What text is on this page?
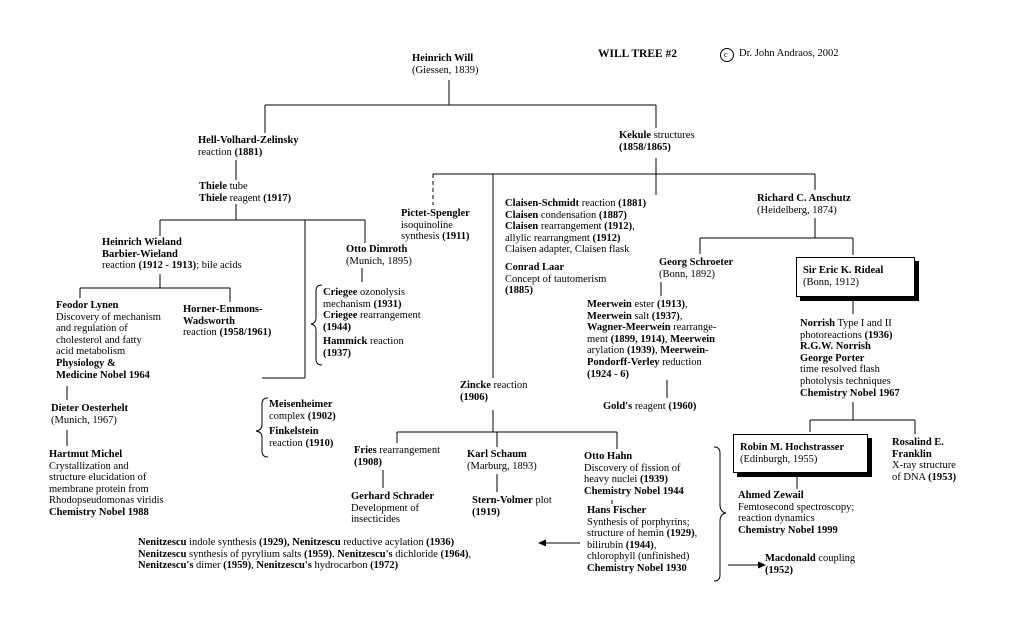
WILL TREE #2	c Dr. John Andraos, 2002
Heinrich Will
(Giessen, 1839)
Hell-Volhard-Zelinsky
reaction (1881)
Thiele tube
Thiele reagent (1917)
Kekule structures
(1858/1865)
Heinrich Wieland
Barbier-Wieland
reaction (1912 - 1913); bile acids
Feodor Lynen
Discovery of mechanism
and regulation of
cholesterol and fatty
acid metabolism
Physiology &
Medicine Nobel 1964
Dieter Oesterhelt
(Munich, 1967)
Hartmut Michel
Crystallization and
structure elucidation of
membrane protein from
Rhodopseudomonas viridis
Chemistry Nobel 1988
Horner-Emmons-
Wadsworth
reaction (1958/1961)
Pictet-Spengler
isoquinoline
synthesis (1911)
Otto Dimroth
(Munich, 1895)
Criegee ozonolysis
mechanism (1931)
Criegee rearrangement
(1944)
Hammick reaction
(1937)
Meisenheimer
complex (1902)
Finkelstein
reaction (1910)
Claisen-Schmidt reaction (1881)
Claisen condensation (1887)
Claisen rearrangement (1912),
allylic rearrangment (1912)
Claisen adapter, Claisen flask
Conrad Laar
Concept of tautomerism
(1885)
Georg Schroeter
(Bonn, 1892)
Meerwein ester (1913),
Meerwein salt (1937),
Wagner-Meerwein rearrange-
ment (1899, 1914), Meerwein
arylation (1939), Meerwein-
Pondorff-Verley reduction
(1924 - 6)
Gold's reagent (1960)
Richard C. Anschutz
(Heidelberg, 1874)
Sir Eric K. Rideal
(Bonn, 1912)
Norrish Type I and II
photoreactions (1936)
R.G.W. Norrish
George Porter
time resolved flash
photolysis techniques
Chemistry Nobel 1967
Robin M. Hochstrasser
(Edinburgh, 1955)
Rosalind E.
Franklin
X-ray structure
of DNA (1953)
Ahmed Zewail
Femtosecond spectroscopy;
reaction dynamics
Chemistry Nobel 1999
Macdonald coupling
(1952)
Zincke reaction
(1906)
Fries rearrangement
(1908)
Gerhard Schrader
Development of
insecticides
Karl Schaum
(Marburg, 1893)
Stern-Volmer plot
(1919)
Otto Hahn
Discovery of fission of
heavy nuclei (1939)
Chemistry Nobel 1944
Hans Fischer
Synthesis of porphyrins;
structure of hemin (1929),
bilirubin (1944),
chlorophyll (unfinished)
Chemistry Nobel 1930
Nenitzescu indole synthesis (1929), Nenitzescu reductive acylation (1936)
Nenitzescu synthesis of pyrylium salts (1959). Nenitzescu's dichloride (1964),
Nenitzescu's dimer (1959), Nenitzescu's hydrocarbon (1972)
